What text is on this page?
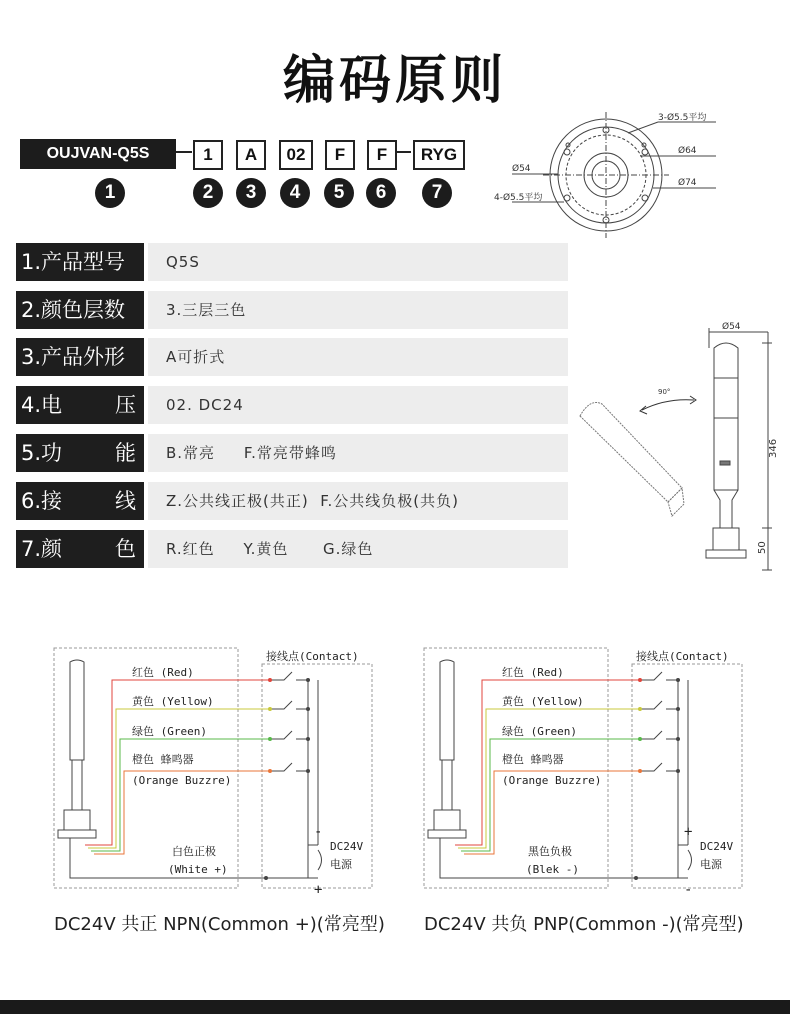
编码原则
OUJVAN-Q5S	1	A	02	F	F	RYG
1	2	3	4	5	6	7
3-Ø5.5平均
Ø64
Ø54
Ø74
4-Ø5.5平均
1.产品型号	Q5S
2.颜色层数	3.三层三色
3.产品外形	A可折式
4.电	压	02. DC24
5.功	能	B.常亮     F.常亮带蜂鸣
6.接	线	Z.公共线正极(共正)  F.公共线负极(共负)
7.颜	色	R.红色     Y.黄色      G.绿色
Ø54
346
50
90°
接线点(Contact)
红色 (Red)
黄色 (Yellow)
绿色 (Green)
橙色 蜂鸣器
(Orange Buzzre)
白色正极
(White +)
DC24V
电源
-
+
接线点(Contact)
红色 (Red)
黄色 (Yellow)
绿色 (Green)
橙色 蜂鸣器
(Orange Buzzre)
黑色负极
(Blek -)
DC24V
电源
+
-
DC24V 共正 NPN(Common +)(常亮型) DC24V 共负 PNP(Common -)(常亮型)
